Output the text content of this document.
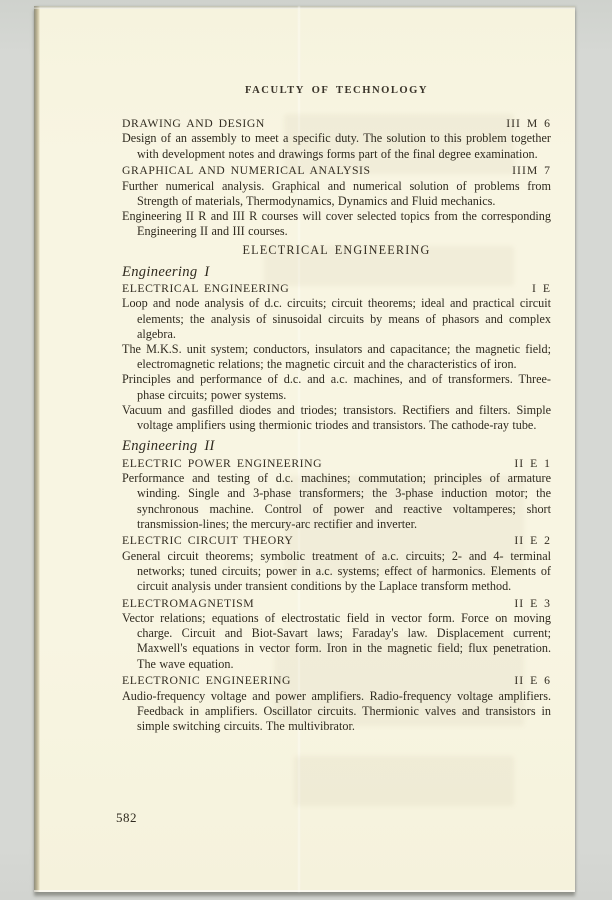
FACULTY OF TECHNOLOGY
DRAWING AND DESIGN	III M 6

Design of an assembly to meet a specific duty. The solution to this problem together with development notes and drawings forms part of the final degree examination.

GRAPHICAL AND NUMERICAL ANALYSIS	IIIM 7

Further numerical analysis. Graphical and numerical solution of problems from Strength of materials, Thermodynamics, Dynamics and Fluid mechanics.

Engineering II R and III R courses will cover selected topics from the corresponding Engineering II and III courses.

ELECTRICAL ENGINEERING
Engineering I
ELECTRICAL ENGINEERING	I E

Loop and node analysis of d.c. circuits; circuit theorems; ideal and practical circuit elements; the analysis of sinusoidal circuits by means of phasors and complex algebra.

The M.K.S. unit system; conductors, insulators and capacitance; the magnetic field; electromagnetic relations; the magnetic circuit and the characteristics of iron.

Principles and performance of d.c. and a.c. machines, and of transformers. Three-phase circuits; power systems.

Vacuum and gasfilled diodes and triodes; transistors. Rectifiers and filters. Simple voltage amplifiers using thermionic triodes and transistors. The cathode-ray tube.

Engineering II
ELECTRIC POWER ENGINEERING	II E 1

Performance and testing of d.c. machines; commutation; principles of armature winding. Single and 3-phase transformers; the 3-phase induction motor; the synchronous machine. Control of power and reactive voltamperes; short transmission-lines; the mercury-arc rectifier and inverter.

ELECTRIC CIRCUIT THEORY	II E 2

General circuit theorems; symbolic treatment of a.c. circuits; 2- and 4- terminal networks; tuned circuits; power in a.c. systems; effect of harmonics. Elements of circuit analysis under transient conditions by the Laplace transform method.

ELECTROMAGNETISM	II E 3

Vector relations; equations of electrostatic field in vector form. Force on moving charge. Circuit and Biot-Savart laws; Faraday's law. Displacement current; Maxwell's equations in vector form. Iron in the magnetic field; flux penetration. The wave equation.

ELECTRONIC ENGINEERING	II E 6

Audio-frequency voltage and power amplifiers. Radio-frequency voltage amplifiers. Feedback in amplifiers. Oscillator circuits. Thermionic valves and transistors in simple switching circuits. The multivibrator.

582
